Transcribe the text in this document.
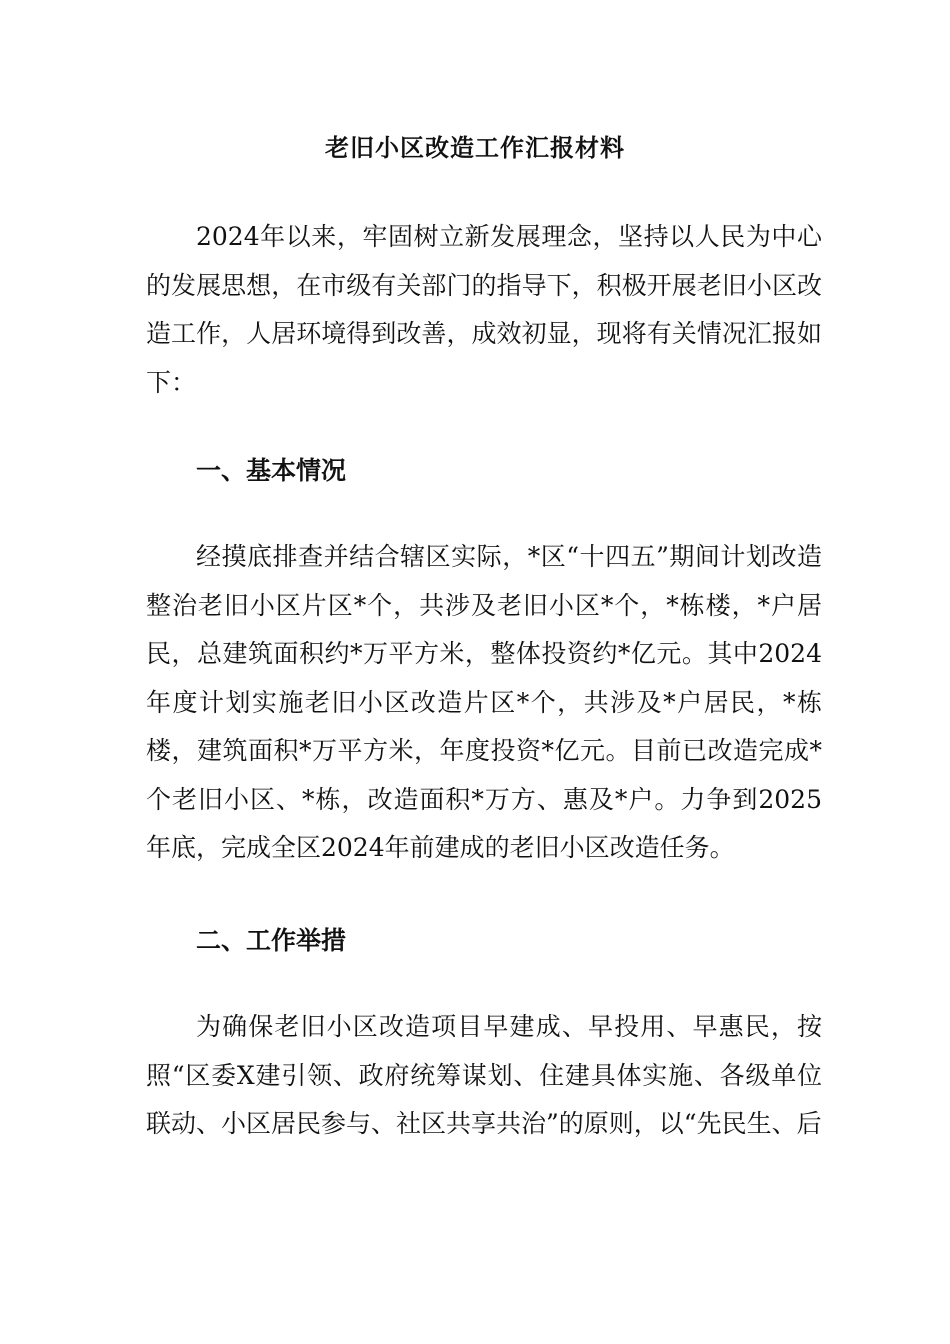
老旧小区改造工作汇报材料

2024年以来，牢固树立新发展理念，坚持以人民为中心的发展思想，在市级有关部门的指导下，积极开展老旧小区改造工作，人居环境得到改善，成效初显，现将有关情况汇报如下：

一、基本情况

经摸底排查并结合辖区实际，*区“十四五”期间计划改造整治老旧小区片区*个，共涉及老旧小区*个，*栋楼，*户居民，总建筑面积约*万平方米，整体投资约*亿元。其中2024年度计划实施老旧小区改造片区*个，共涉及*户居民，*栋楼，建筑面积*万平方米，年度投资*亿元。目前已改造完成*个老旧小区、*栋，改造面积*万方、惠及*户。力争到2025年底，完成全区2024年前建成的老旧小区改造任务。

二、工作举措

为确保老旧小区改造项目早建成、早投用、早惠民，按照“区委X建引领、政府统筹谋划、住建具体实施、各级单位联动、小区居民参与、社区共享共治”的原则，以“先民生、后
